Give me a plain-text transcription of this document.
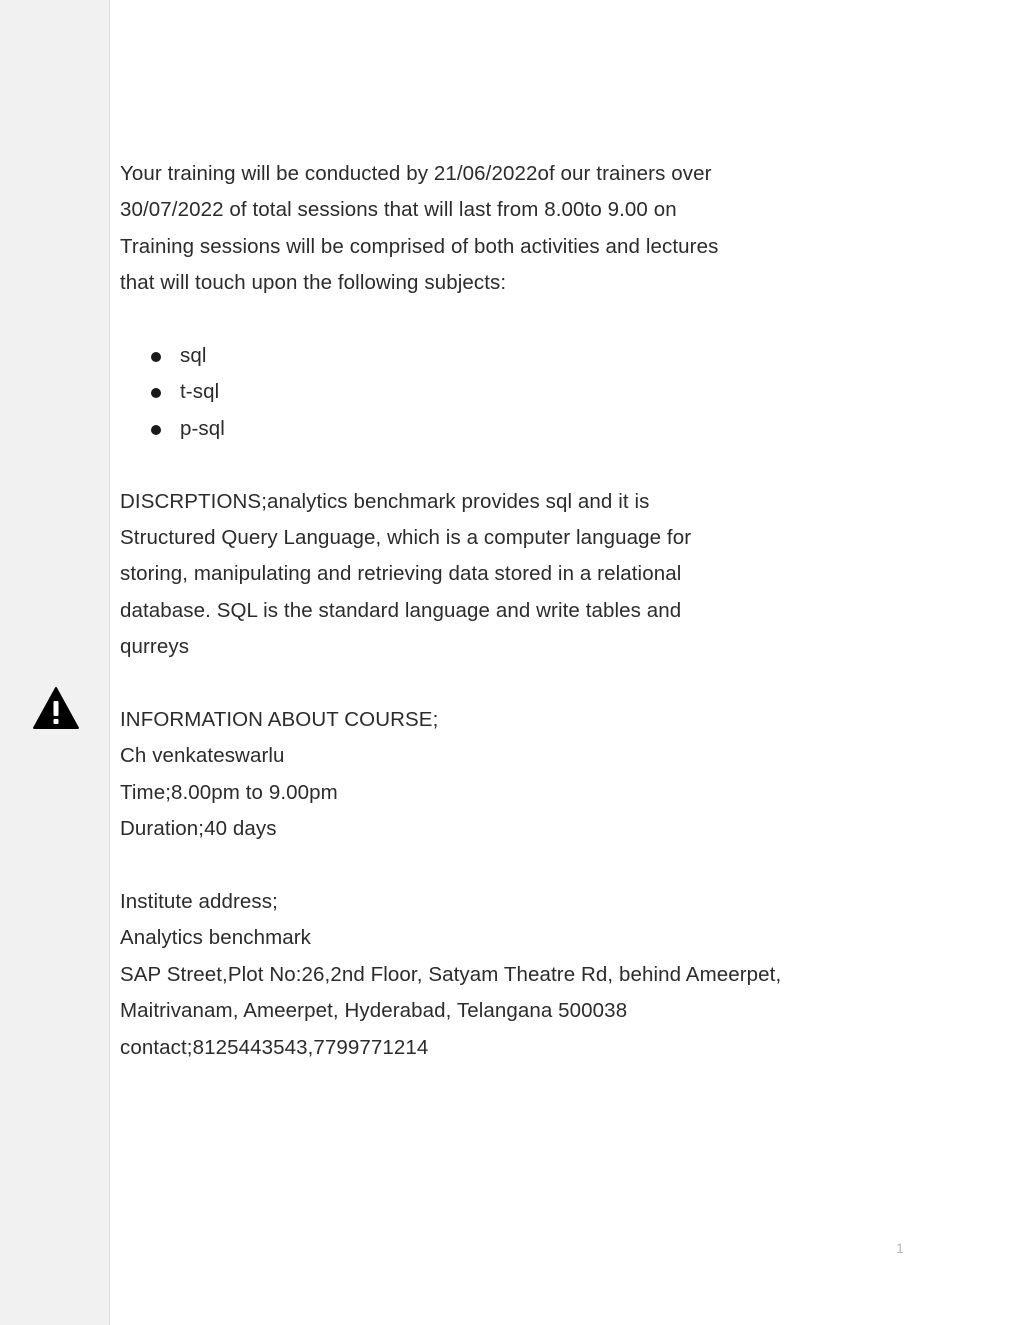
Your training will be conducted by 21/06/2022of our trainers over
30/07/2022 of total sessions that will last from 8.00to 9.00 on
Training sessions will be comprised of both activities and lectures
that will touch upon the following subjects:

sql
t-sql
p-sql

DISCRPTIONS;analytics benchmark provides sql and it is
Structured Query Language, which is a computer language for
storing, manipulating and retrieving data stored in a relational
database. SQL is the standard language and write tables and
qurreys

INFORMATION ABOUT COURSE;
Ch venkateswarlu
Time;8.00pm to 9.00pm
Duration;40 days

Institute address;
Analytics benchmark
SAP Street,Plot No:26,2nd Floor, Satyam Theatre Rd, behind Ameerpet,
Maitrivanam, Ameerpet, Hyderabad, Telangana 500038
contact;8125443543,7799771214

1
